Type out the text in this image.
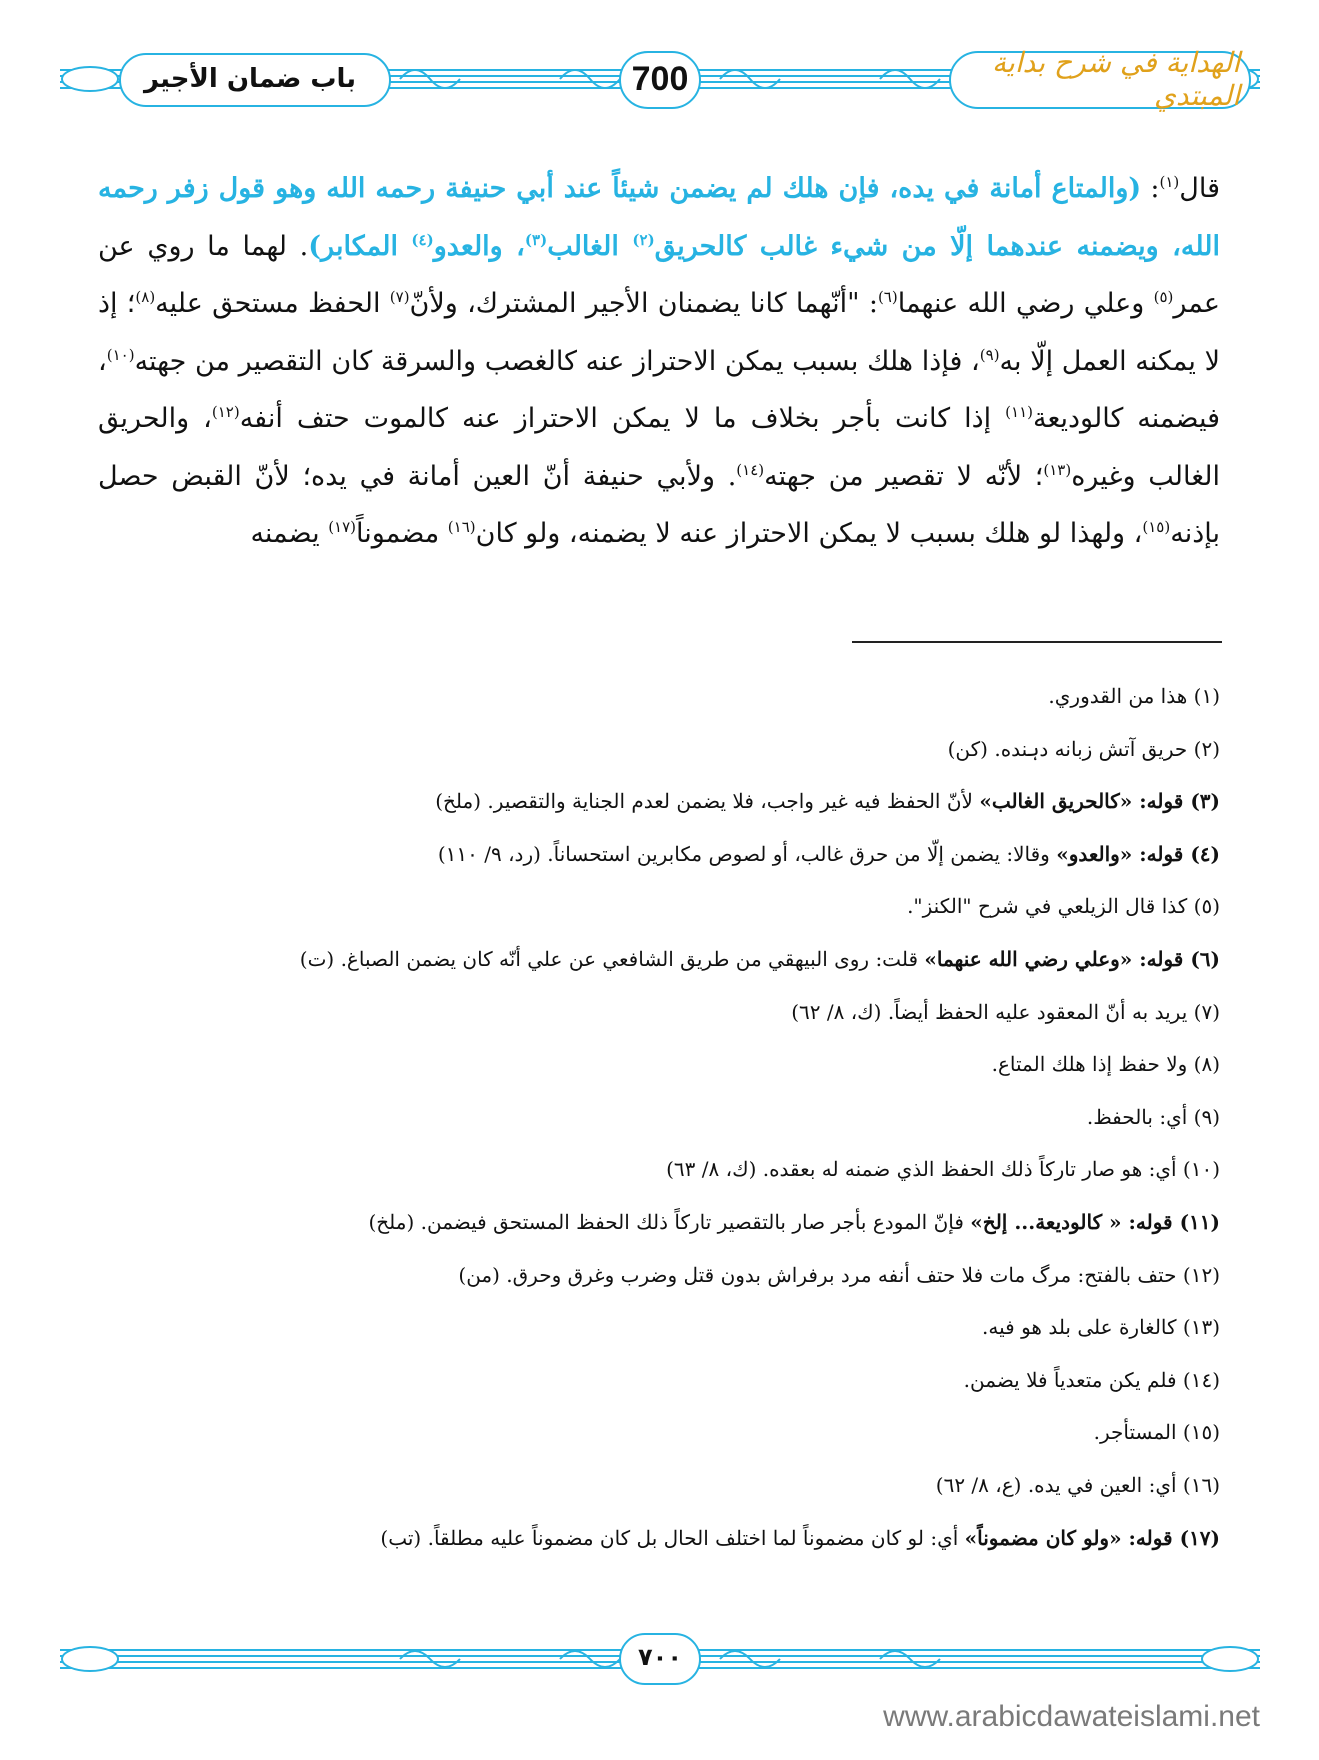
باب ضمان الأجير	700	الهداية في شرح بداية المبتدي
قال$^{(١)}$: (والمتاع أمانة في يده، فإن هلك لم يضمن شيئاً عند أبي حنيفة رحمه الله وهو قول زفر رحمه الله، ويضمنه عندهما إلّا من شيء غالب كالحريق$^{(٢)}$ الغالب$^{(٣)}$، والعدو$^{(٤)}$ المكابر). لهما ما روي عن عمر$^{(٥)}$ وعلي رضي الله عنهما$^{(٦)}$: "أنّهما كانا يضمنان الأجير المشترك، ولأنّ$^{(٧)}$ الحفظ مستحق عليه$^{(٨)}$؛ إذ لا يمكنه العمل إلّا به$^{(٩)}$، فإذا هلك بسبب يمكن الاحتراز عنه كالغصب والسرقة كان التقصير من جهته$^{(١٠)}$، فيضمنه كالوديعة$^{(١١)}$ إذا كانت بأجر بخلاف ما لا يمكن الاحتراز عنه كالموت حتف أنفه$^{(١٢)}$، والحريق الغالب وغيره$^{(١٣)}$؛ لأنّه لا تقصير من جهته$^{(١٤)}$. ولأبي حنيفة أنّ العين أمانة في يده؛ لأنّ القبض حصل بإذنه$^{(١٥)}$، ولهذا لو هلك بسبب لا يمكن الاحتراز عنه لا يضمنه، ولو كان$^{(١٦)}$ مضموناً$^{(١٧)}$ يضمنه
(١) هذا من القدوري.
(٢) حريق آتش زبانه دہنده. (كن)
(٣) قوله: «كالحريق الغالب» لأنّ الحفظ فيه غير واجب، فلا يضمن لعدم الجناية والتقصير. (ملخ)
(٤) قوله: «والعدو» وقالا: يضمن إلّا من حرق غالب، أو لصوص مكابرين استحساناً. (رد، ٩/ ١١٠)
(٥) كذا قال الزيلعي في شرح "الكنز".
(٦) قوله: «وعلي رضي الله عنهما» قلت: روى البيهقي من طريق الشافعي عن علي أنّه كان يضمن الصباغ. (ت)
(٧) يريد به أنّ المعقود عليه الحفظ أيضاً. (ك، ٨/ ٦٢)
(٨) ولا حفظ إذا هلك المتاع.
(٩) أي: بالحفظ.
(١٠) أي: هو صار تاركاً ذلك الحفظ الذي ضمنه له بعقده. (ك، ٨/ ٦٣)
(١١) قوله: « كالوديعة... إلخ» فإنّ المودع بأجر صار بالتقصير تاركاً ذلك الحفظ المستحق فيضمن. (ملخ)
(١٢) حتف بالفتح: مرگ مات فلا حتف أنفه مرد برفراش بدون قتل وضرب وغرق وحرق. (من)
(١٣) كالغارة على بلد هو فيه.
(١٤) فلم يكن متعدياً فلا يضمن.
(١٥) المستأجر.
(١٦) أي: العين في يده. (ع، ٨/ ٦٢)
(١٧) قوله: «ولو كان مضموناً» أي: لو كان مضموناً لما اختلف الحال بل كان مضموناً عليه مطلقاً. (تب)
٧٠٠
www.arabicdawateislami.net
